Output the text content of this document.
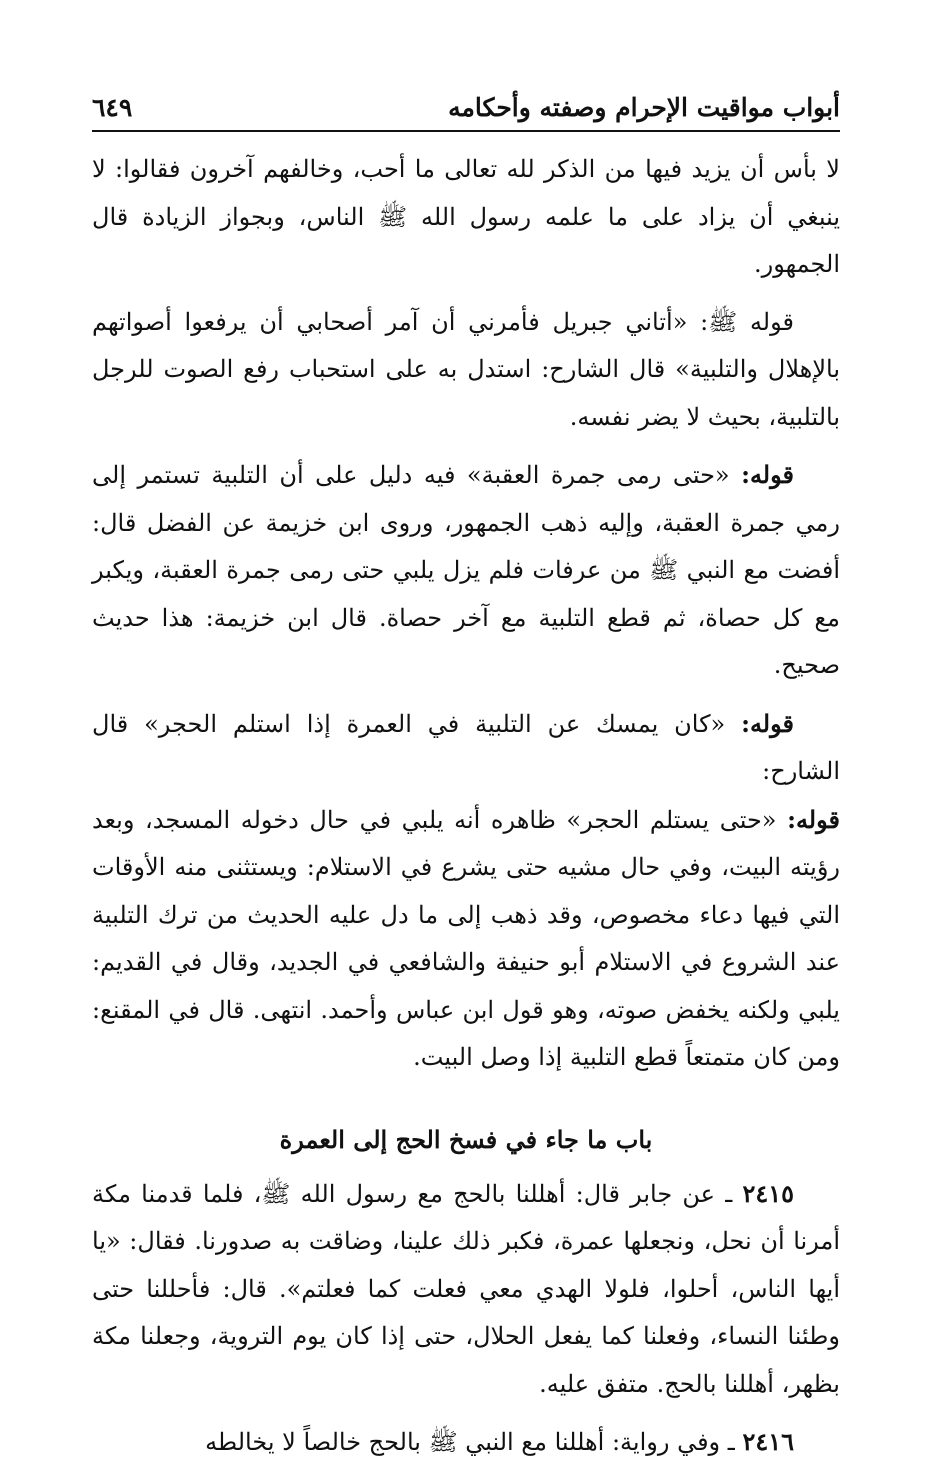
أبواب مواقيت الإحرام وصفته وأحكامه
٦٤٩

لا بأس أن يزيد فيها من الذكر لله تعالى ما أحب، وخالفهم آخرون فقالوا: لا ينبغي أن يزاد على ما علمه رسول الله ﷺ الناس، وبجواز الزيادة قال الجمهور.

قوله ﷺ: «أتاني جبريل فأمرني أن آمر أصحابي أن يرفعوا أصواتهم بالإهلال والتلبية» قال الشارح: استدل به على استحباب رفع الصوت للرجل بالتلبية، بحيث لا يضر نفسه.

قوله: «حتى رمى جمرة العقبة» فيه دليل على أن التلبية تستمر إلى رمي جمرة العقبة، وإليه ذهب الجمهور، وروى ابن خزيمة عن الفضل قال: أفضت مع النبي ﷺ من عرفات فلم يزل يلبي حتى رمى جمرة العقبة، ويكبر مع كل حصاة، ثم قطع التلبية مع آخر حصاة. قال ابن خزيمة: هذا حديث صحيح.

قوله: «كان يمسك عن التلبية في العمرة إذا استلم الحجر» قال الشارح:
قوله: «حتى يستلم الحجر» ظاهره أنه يلبي في حال دخوله المسجد، وبعد رؤيته البيت، وفي حال مشيه حتى يشرع في الاستلام: ويستثنى منه الأوقات التي فيها دعاء مخصوص، وقد ذهب إلى ما دل عليه الحديث من ترك التلبية عند الشروع في الاستلام أبو حنيفة والشافعي في الجديد، وقال في القديم: يلبي ولكنه يخفض صوته، وهو قول ابن عباس وأحمد. انتهى. قال في المقنع: ومن كان متمتعاً قطع التلبية إذا وصل البيت.

باب ما جاء في فسخ الحج إلى العمرة

٢٤١٥ ـ عن جابر قال: أهللنا بالحج مع رسول الله ﷺ، فلما قدمنا مكة أمرنا أن نحل، ونجعلها عمرة، فكبر ذلك علينا، وضاقت به صدورنا. فقال: «يا أيها الناس، أحلوا، فلولا الهدي معي فعلت كما فعلتم». قال: فأحللنا حتى وطئنا النساء، وفعلنا كما يفعل الحلال، حتى إذا كان يوم التروية، وجعلنا مكة بظهر، أهللنا بالحج. متفق عليه.

٢٤١٦ ـ وفي رواية: أهللنا مع النبي ﷺ بالحج خالصاً لا يخالطه
